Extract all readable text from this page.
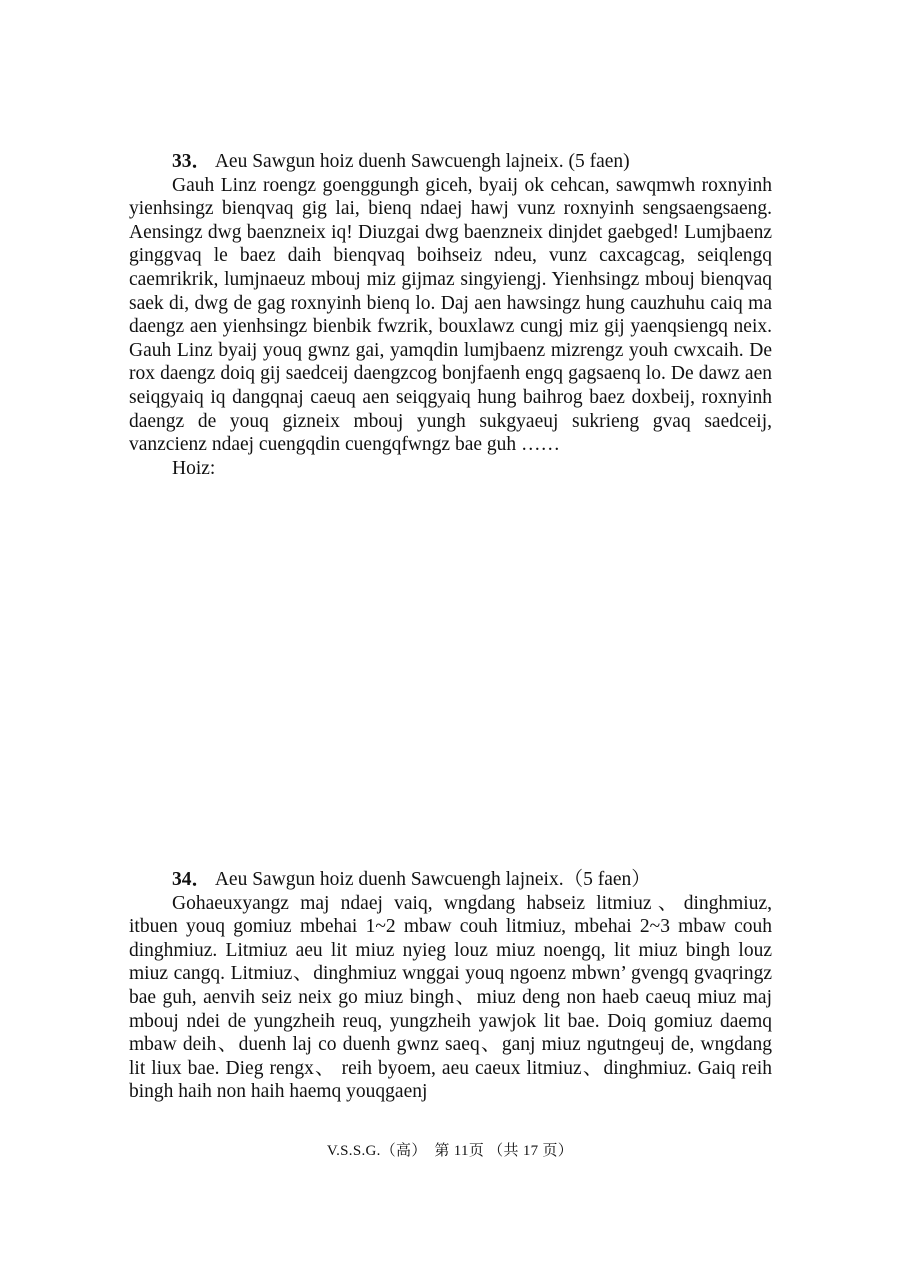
33． Aeu Sawgun hoiz duenh Sawcuengh lajneix. (5 faen)

Gauh Linz roengz goenggungh giceh, byaij ok cehcan, sawqmwh roxnyinh yienhsingz bienqvaq gig lai, bienq ndaej hawj vunz roxnyinh sengsaengsaeng. Aensingz dwg baenzneix iq! Diuzgai dwg baenzneix dinjdet gaebged! Lumjbaenz ginggvaq le baez daih bienqvaq boihseiz ndeu, vunz caxcagcag, seiqlengq caemrikrik, lumjnaeuz mbouj miz gijmaz singyiengj. Yienhsingz mbouj bienqvaq saek di, dwg de gag roxnyinh bienq lo. Daj aen hawsingz hung cauzhuhu caiq ma daengz aen yienhsingz bienbik fwzrik, bouxlawz cungj miz gij yaenqsiengq neix. Gauh Linz byaij youq gwnz gai, yamqdin lumjbaenz mizrengz youh cwxcaih. De rox daengz doiq gij saedceij daengzcog bonjfaenh engq gagsaenq lo. De dawz aen seiqgyaiq iq dangqnaj caeuq aen seiqgyaiq hung baihrog baez doxbeij, roxnyinh daengz de youq gizneix mbouj yungh sukgyaeuj sukrieng gvaq saedceij, vanzcienz ndaej cuengqdin cuengqfwngz bae guh ……

Hoiz:

34． Aeu Sawgun hoiz duenh Sawcuengh lajneix.（5 faen）

Gohaeuxyangz maj ndaej vaiq, wngdang habseiz litmiuz、dinghmiuz, itbuen youq gomiuz mbehai 1~2 mbaw couh litmiuz, mbehai 2~3 mbaw couh dinghmiuz. Litmiuz aeu lit miuz nyieg louz miuz noengq, lit miuz bingh louz miuz cangq. Litmiuz、dinghmiuz wnggai youq ngoenz mbwn’ gvengq gvaqringz bae guh, aenvih seiz neix go miuz bingh、miuz deng non haeb caeuq miuz maj mbouj ndei de yungzheih reuq, yungzheih yawjok lit bae. Doiq gomiuz daemq mbaw deih、duenh laj co duenh gwnz saeq、ganj miuz ngutngeuj de, wngdang lit liux bae. Dieg rengx、 reih byoem, aeu caeux litmiuz、dinghmiuz. Gaiq reih bingh haih non haih haemq youqgaenj

V.S.S.G.（高）　第 11页 （共 17 页）
